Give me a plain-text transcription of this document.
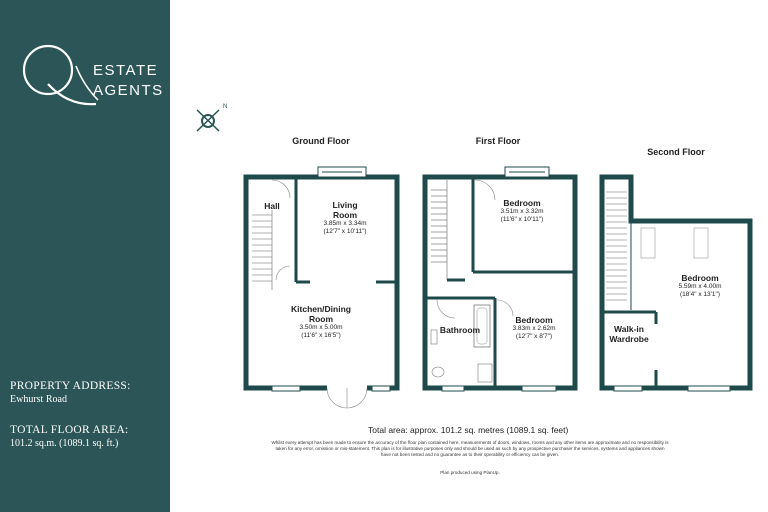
ESTATE
AGENTS
PROPERTY ADDRESS:
Ewhurst Road
TOTAL FLOOR AREA:
101.2 sq.m. (1089.1 sq. ft.)
N
Ground Floor	First Floor
Second Floor
Hall	Living
Room
3.85m x 3.34m
(12'7" x 10'11")
Kitchen/Dining
Room
3.50m x 5.00m
(11'6" x 16'5")
Bedroom
3.51m x 3.32m
(11'6" x 10'11")
Bathroom
Bedroom
3.83m x 2.62m
(12'7" x 8'7")
Bedroom
5.59m x 4.00m
(18'4" x 13'1")
Walk-in
Wardrobe
Total area: approx. 101.2 sq. metres (1089.1 sq. feet)
Whilst every attempt has been made to ensure the accuracy of the floor plan contained here, measurements of doors, windows, rooms and any other items are approximate and no responsibility is taken for any error, omission or mis-statement. This plan is for illustrative purposes only and should be used as such by any prospective purchaser the services, systems and appliances shown have not been tested and no guarantee as to their operability or efficiency can be given.
Plan produced using PlanUp.
